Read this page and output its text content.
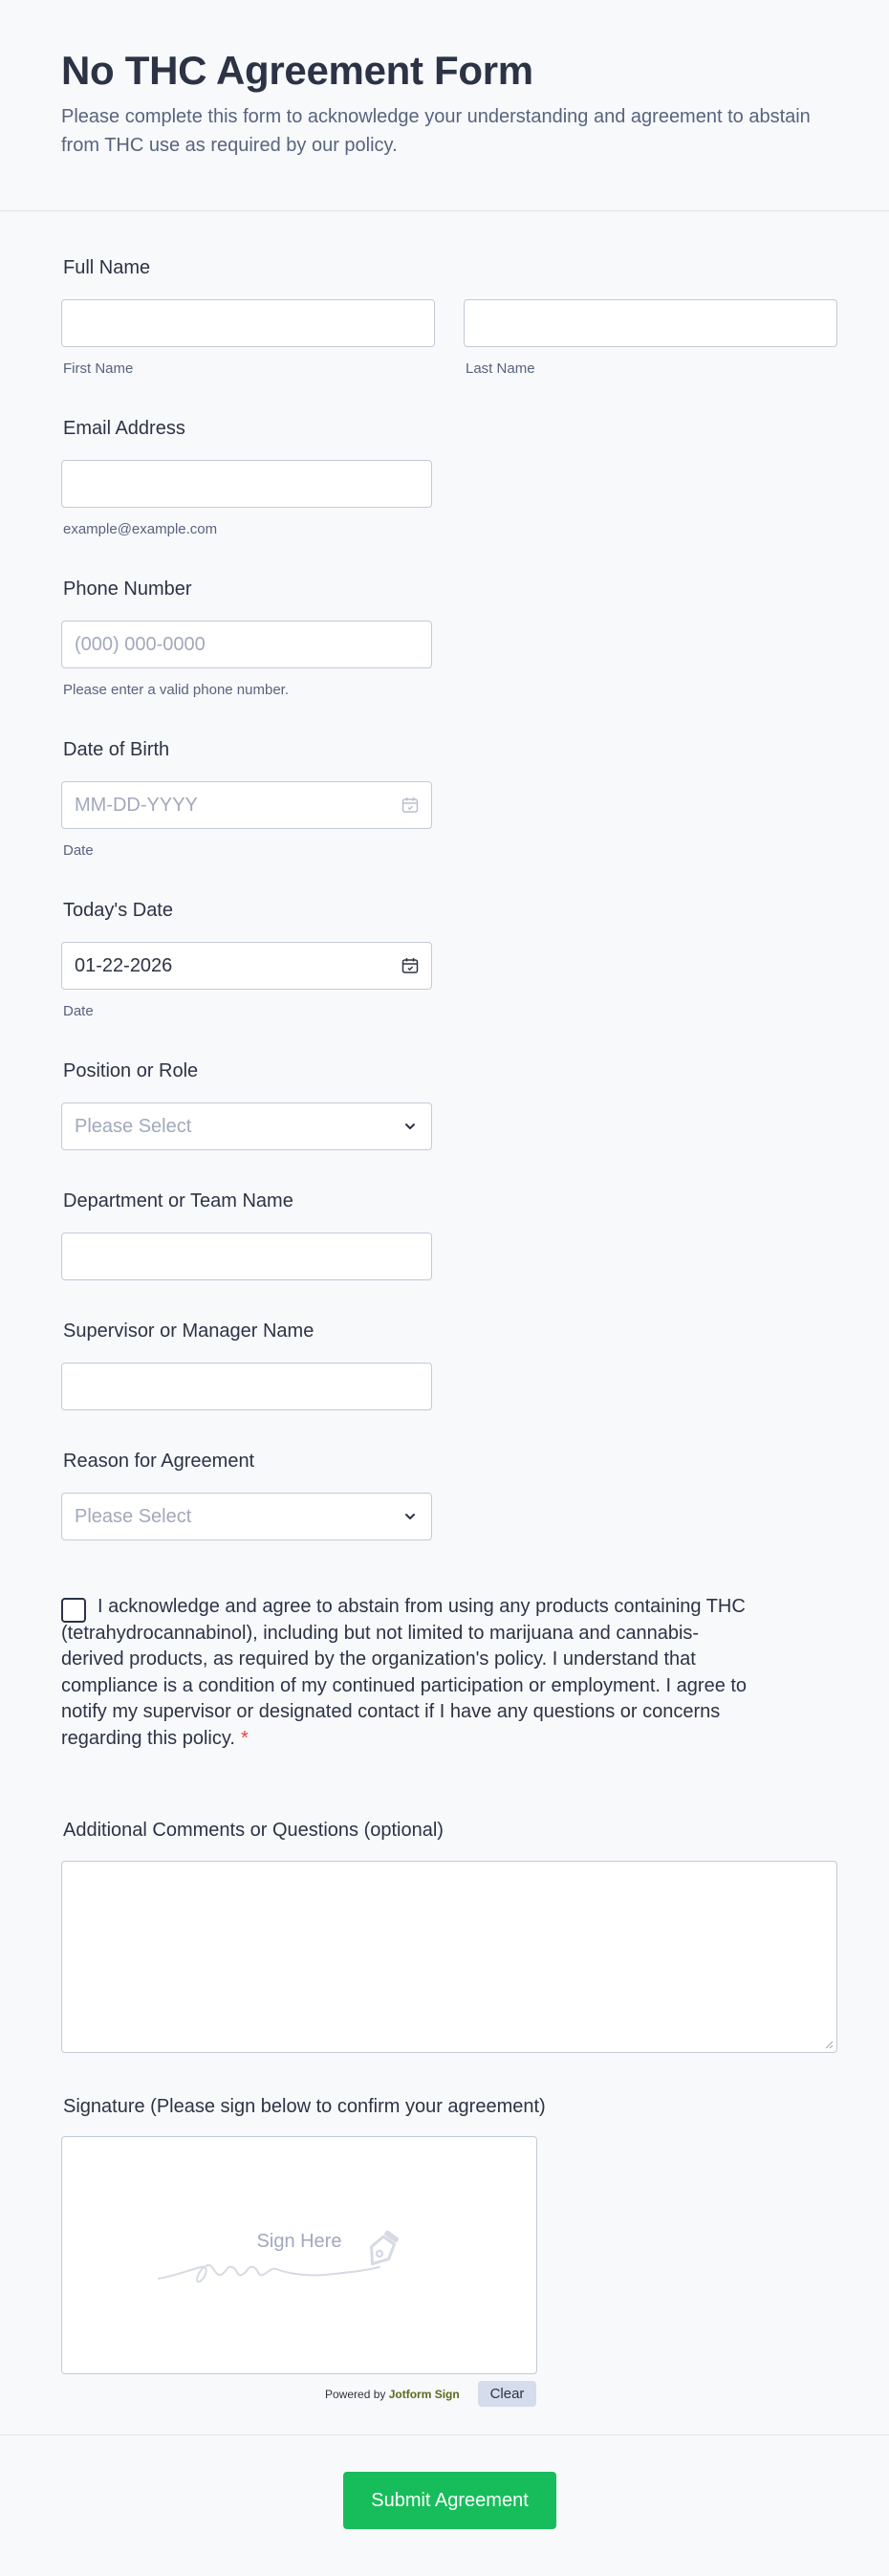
No THC Agreement Form

Please complete this form to acknowledge your understanding and agreement to abstain from THC use as required by our policy.

Full Name
First Name	Last Name
Email Address
example@example.com
Phone Number
(000) 000-0000
Please enter a valid phone number.
Date of Birth
MM-DD-YYYY
Date
Today's Date
01-22-2026
Date
Position or Role
Please Select
Department or Team Name
Supervisor or Manager Name
Reason for Agreement
Please Select

I acknowledge and agree to abstain from using any products containing THC (tetrahydrocannabinol), including but not limited to marijuana and cannabis-derived products, as required by the organization's policy. I understand that compliance is a condition of my continued participation or employment. I agree to notify my supervisor or designated contact if I have any questions or concerns regarding this policy. *

Additional Comments or Questions (optional)
Signature (Please sign below to confirm your agreement)
Sign Here
Powered by Jotform Sign	Clear
Submit Agreement
